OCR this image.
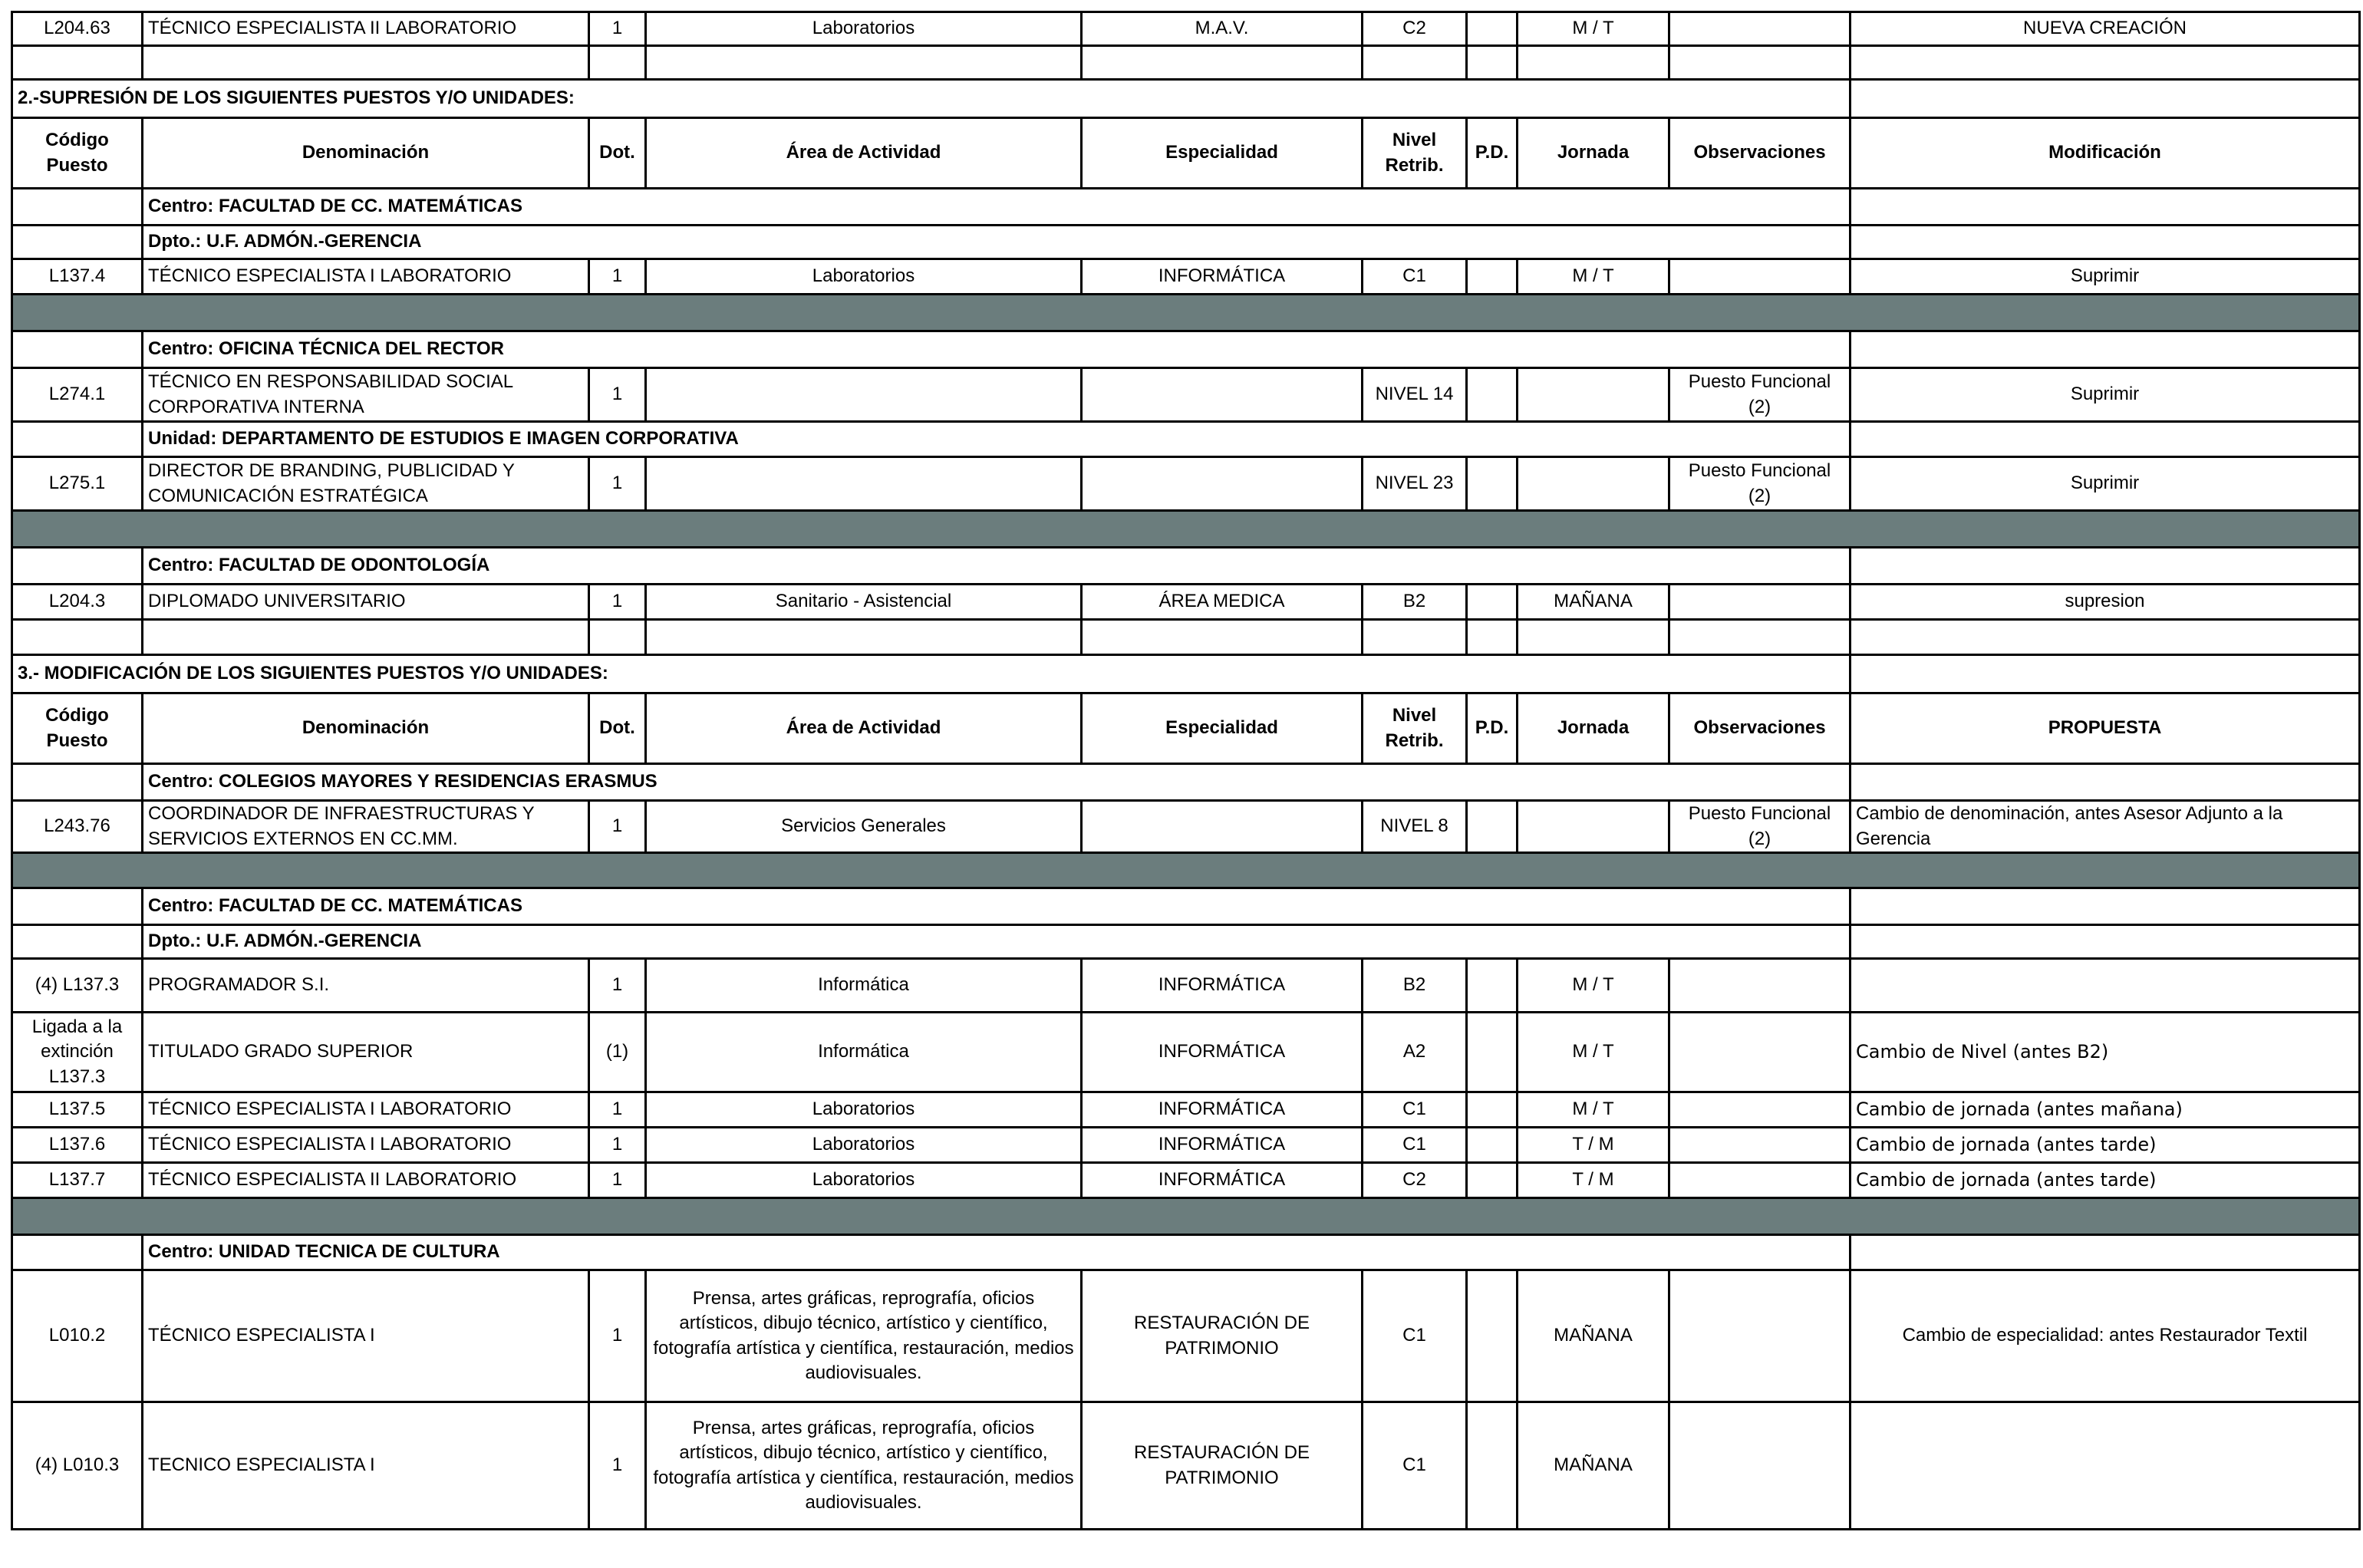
L204.63	TÉCNICO ESPECIALISTA II LABORATORIO	1	Laboratorios	M.A.V.	C2		M / T		NUEVA CREACIÓN

2.-SUPRESIÓN DE LOS SIGUIENTES PUESTOS Y/O UNIDADES:									
Código Puesto	Denominación	Dot.	Área de Actividad	Especialidad	Nivel Retrib.	P.D.	Jornada	Observaciones	Modificación
	Centro: FACULTAD DE CC. MATEMÁTICAS								
	Dpto.: U.F. ADMÓN.-GERENCIA								
L137.4	TÉCNICO ESPECIALISTA I LABORATORIO	1	Laboratorios	INFORMÁTICA	C1		M / T		Suprimir

	Centro: OFICINA TÉCNICA DEL RECTOR								
L274.1	TÉCNICO EN RESPONSABILIDAD SOCIAL CORPORATIVA INTERNA	1			NIVEL 14			Puesto Funcional (2)	Suprimir
	Unidad: DEPARTAMENTO DE ESTUDIOS E IMAGEN CORPORATIVA								
L275.1	DIRECTOR DE BRANDING, PUBLICIDAD Y COMUNICACIÓN ESTRATÉGICA	1			NIVEL 23			Puesto Funcional (2)	Suprimir

	Centro: FACULTAD DE ODONTOLOGÍA								
L204.3	DIPLOMADO UNIVERSITARIO	1	Sanitario - Asistencial	ÁREA MEDICA	B2		MAÑANA		supresion

3.- MODIFICACIÓN DE LOS SIGUIENTES PUESTOS Y/O UNIDADES:									
Código Puesto	Denominación	Dot.	Área de Actividad	Especialidad	Nivel Retrib.	P.D.	Jornada	Observaciones	PROPUESTA
	Centro: COLEGIOS MAYORES Y RESIDENCIAS ERASMUS								
L243.76	COORDINADOR DE INFRAESTRUCTURAS Y SERVICIOS EXTERNOS EN CC.MM.	1	Servicios Generales		NIVEL 8			Puesto Funcional (2)	Cambio de denominación, antes Asesor Adjunto a la Gerencia

	Centro: FACULTAD DE CC. MATEMÁTICAS								
	Dpto.: U.F. ADMÓN.-GERENCIA								
(4) L137.3	PROGRAMADOR S.I.	1	Informática	INFORMÁTICA	B2		M / T		
Ligada a la extinción L137.3	TITULADO GRADO SUPERIOR	(1)	Informática	INFORMÁTICA	A2		M / T		Cambio de Nivel (antes B2)
L137.5	TÉCNICO ESPECIALISTA I LABORATORIO	1	Laboratorios	INFORMÁTICA	C1		M / T		Cambio de jornada (antes mañana)
L137.6	TÉCNICO ESPECIALISTA I LABORATORIO	1	Laboratorios	INFORMÁTICA	C1		T / M		Cambio de jornada (antes tarde)
L137.7	TÉCNICO ESPECIALISTA II LABORATORIO	1	Laboratorios	INFORMÁTICA	C2		T / M		Cambio de jornada (antes tarde)

	Centro: UNIDAD TECNICA DE CULTURA								
L010.2	TÉCNICO ESPECIALISTA I	1	Prensa, artes gráficas, reprografía, oficios artísticos, dibujo técnico, artístico y científico, fotografía artística y científica, restauración, medios audiovisuales.	RESTAURACIÓN DE PATRIMONIO	C1		MAÑANA		Cambio de especialidad: antes Restaurador Textil
(4) L010.3	TECNICO ESPECIALISTA I	1	Prensa, artes gráficas, reprografía, oficios artísticos, dibujo técnico, artístico y científico, fotografía artística y científica, restauración, medios audiovisuales.	RESTAURACIÓN DE PATRIMONIO	C1		MAÑANA		
